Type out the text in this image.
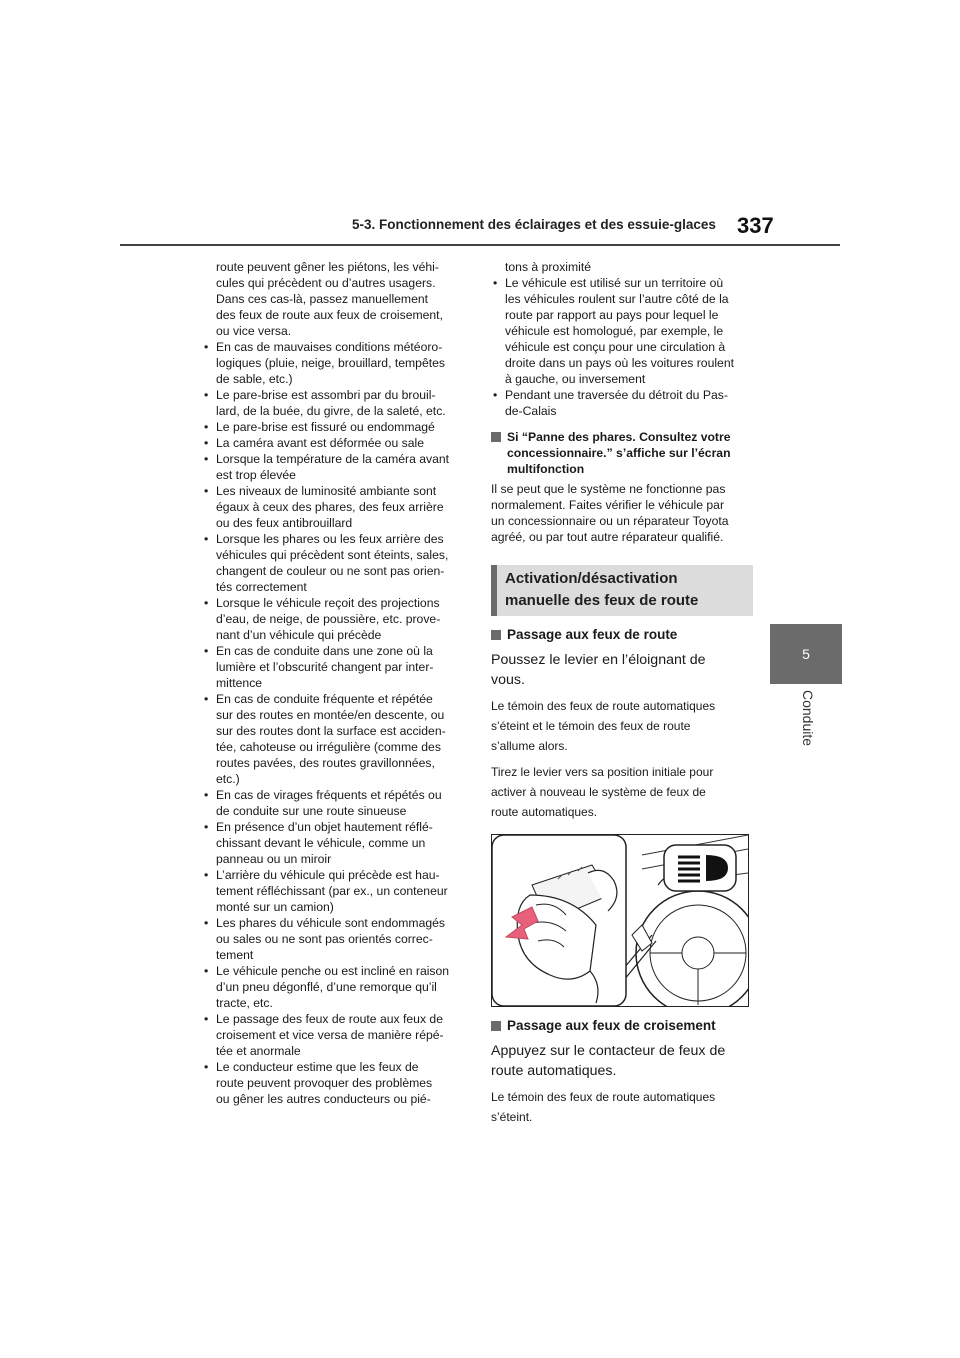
5-3. Fonctionnement des éclairages et des essuie-glaces 337
5
Conduite
route peuvent gêner les piétons, les véhi-
cules qui précèdent ou d’autres usagers.
Dans ces cas-là, passez manuellement
des feux de route aux feux de croisement,
ou vice versa.
• En cas de mauvaises conditions météoro-
logiques (pluie, neige, brouillard, tempêtes
de sable, etc.)
• Le pare-brise est assombri par du brouil-
lard, de la buée, du givre, de la saleté, etc.
• Le pare-brise est fissuré ou endommagé
• La caméra avant est déformée ou sale
• Lorsque la température de la caméra avant
est trop élevée
• Les niveaux de luminosité ambiante sont
égaux à ceux des phares, des feux arrière
ou des feux antibrouillard
• Lorsque les phares ou les feux arrière des
véhicules qui précèdent sont éteints, sales,
changent de couleur ou ne sont pas orien-
tés correctement
• Lorsque le véhicule reçoit des projections
d’eau, de neige, de poussière, etc. prove-
nant d’un véhicule qui précède
• En cas de conduite dans une zone où la
lumière et l’obscurité changent par inter-
mittence
• En cas de conduite fréquente et répétée
sur des routes en montée/en descente, ou
sur des routes dont la surface est acciden-
tée, cahoteuse ou irrégulière (comme des
routes pavées, des routes gravillonnées,
etc.)
• En cas de virages fréquents et répétés ou
de conduite sur une route sinueuse
• En présence d’un objet hautement réflé-
chissant devant le véhicule, comme un
panneau ou un miroir
• L’arrière du véhicule qui précède est hau-
tement réfléchissant (par ex., un conteneur
monté sur un camion)
• Les phares du véhicule sont endommagés
ou sales ou ne sont pas orientés correc-
tement
• Le véhicule penche ou est incliné en raison
d’un pneu dégonflé, d’une remorque qu’il
tracte, etc.
• Le passage des feux de route aux feux de
croisement et vice versa de manière répé-
tée et anormale
• Le conducteur estime que les feux de
route peuvent provoquer des problèmes
ou gêner les autres conducteurs ou pié-
tons à proximité
• Le véhicule est utilisé sur un territoire où
les véhicules roulent sur l’autre côté de la
route par rapport au pays pour lequel le
véhicule est homologué, par exemple, le
véhicule est conçu pour une circulation à
droite dans un pays où les voitures roulent
à gauche, ou inversement
• Pendant une traversée du détroit du Pas-
de-Calais
Si “Panne des phares. Consultez votre
concessionnaire.” s’affiche sur l’écran
multifonction
Il se peut que le système ne fonctionne pas
normalement. Faites vérifier le véhicule par
un concessionnaire ou un réparateur Toyota
agréé, ou par tout autre réparateur qualifié.
Activation/désactivation
manuelle des feux de route
Passage aux feux de route
Poussez le levier en l’éloignant de
vous.
Le témoin des feux de route automatiques
s’éteint et le témoin des feux de route
s’allume alors.
Tirez le levier vers sa position initiale pour
activer à nouveau le système de feux de
route automatiques.
Passage aux feux de croisement
Appuyez sur le contacteur de feux de
route automatiques.
Le témoin des feux de route automatiques
s’éteint.
